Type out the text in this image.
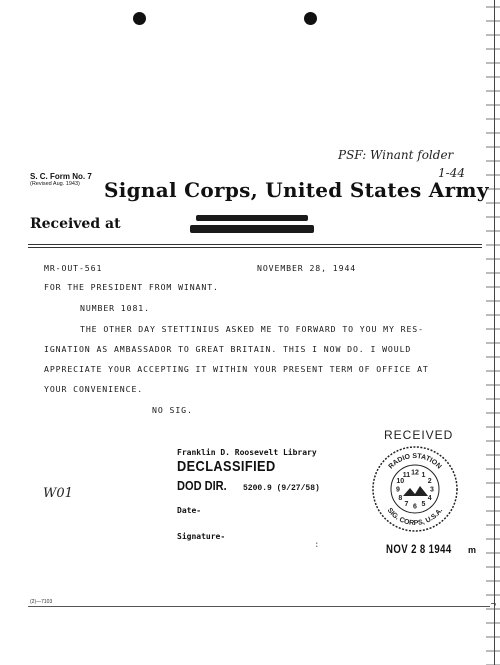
PSF: Winant folder
1-44
S. C. Form No. 7
(Revised Aug. 1943) Signal Corps, United States Army
Received at
MR-OUT-561	NOVEMBER 28, 1944
FOR THE PRESIDENT FROM WINANT.
NUMBER 1081.
THE OTHER DAY STETTINIUS ASKED ME TO FORWARD TO YOU MY RES-
IGNATION AS AMBASSADOR TO GREAT BRITAIN. THIS I NOW DO. I WOULD
APPRECIATE YOUR ACCEPTING IT WITHIN YOUR PRESENT TERM OF OFFICE AT
YOUR CONVENIENCE.
NO SIG.
Franklin D. Roosevelt Library
DECLASSIFIED
DOD DIR.	5200.9 (9/27/58)
Date-
Signature-
W01
RECEIVED
RADIO STATION
SIG. CORPS, U.S.A.
11 12 1
10	2
9	3
8	4
7 6 5
NOV 2 8 1944 m
:
(2)—7103	¬
